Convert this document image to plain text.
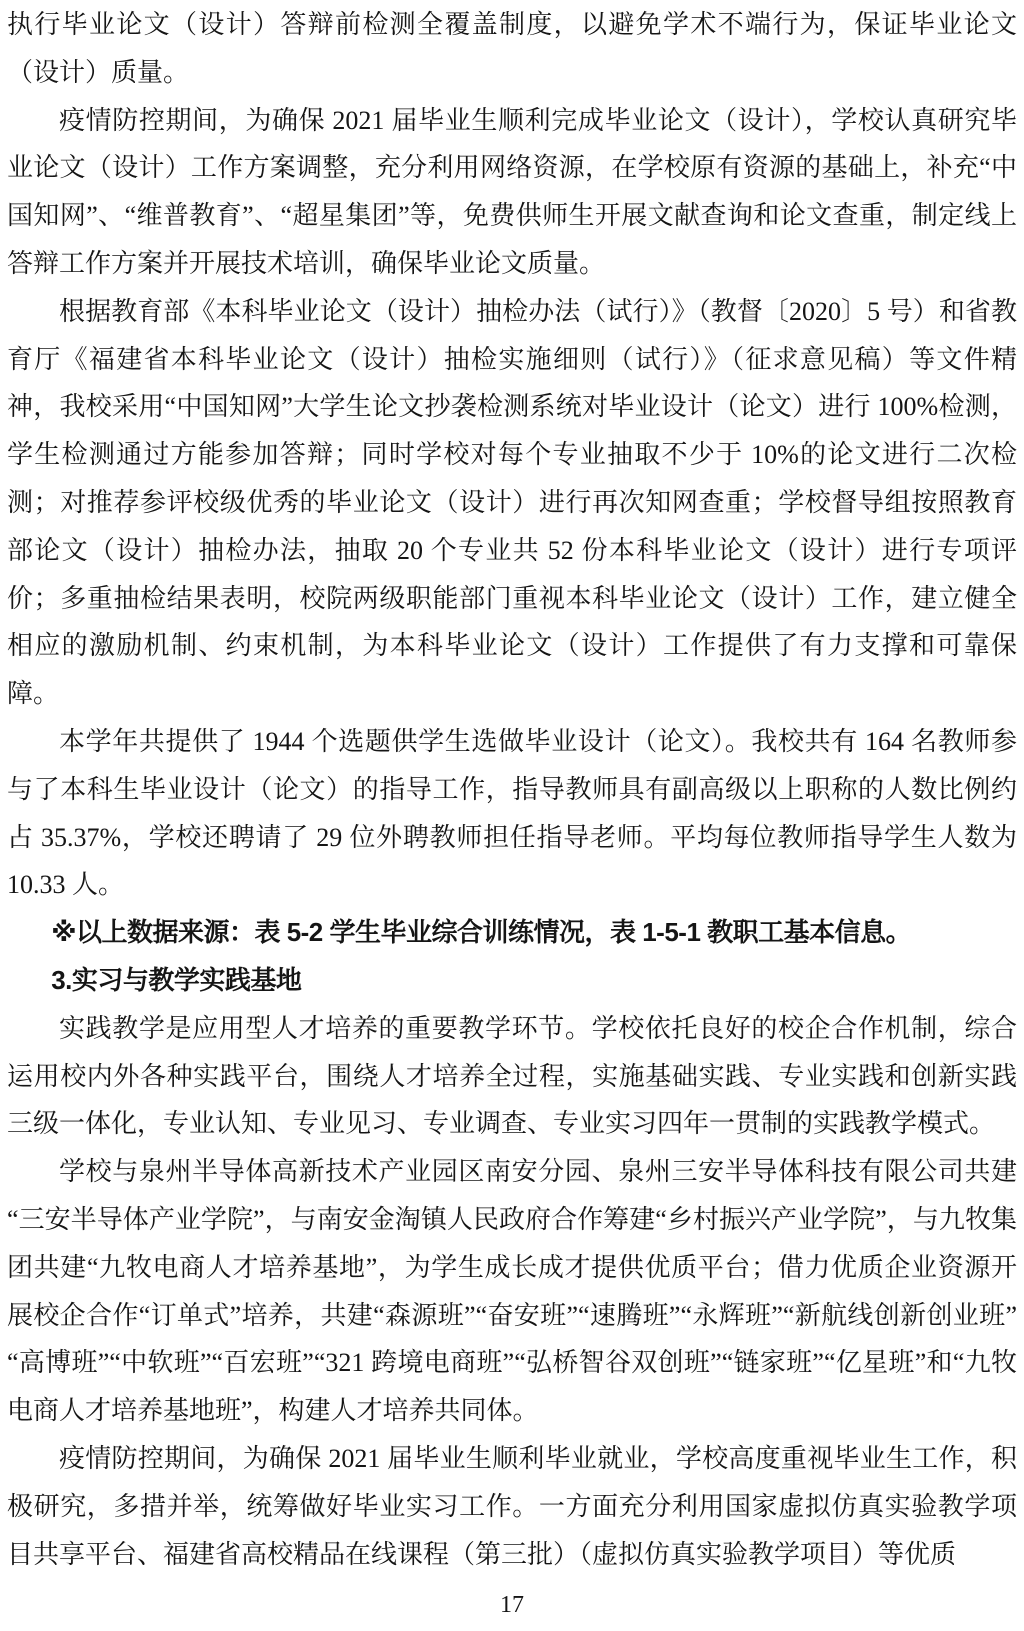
执行毕业论文（设计）答辩前检测全覆盖制度，以避免学术不端行为，保证毕业论文（设计）质量。

疫情防控期间，为确保 2021 届毕业生顺利完成毕业论文（设计），学校认真研究毕业论文（设计）工作方案调整，充分利用网络资源，在学校原有资源的基础上，补充“中国知网”、“维普教育”、“超星集团”等，免费供师生开展文献查询和论文查重，制定线上答辩工作方案并开展技术培训，确保毕业论文质量。

根据教育部《本科毕业论文（设计）抽检办法（试行）》（教督〔2020〕5 号）和省教育厅《福建省本科毕业论文（设计）抽检实施细则（试行）》（征求意见稿）等文件精神，我校采用“中国知网”大学生论文抄袭检测系统对毕业设计（论文）进行 100%检测，学生检测通过方能参加答辩；同时学校对每个专业抽取不少于 10%的论文进行二次检测；对推荐参评校级优秀的毕业论文（设计）进行再次知网查重；学校督导组按照教育部论文（设计）抽检办法，抽取 20 个专业共 52 份本科毕业论文（设计）进行专项评价；多重抽检结果表明，校院两级职能部门重视本科毕业论文（设计）工作，建立健全相应的激励机制、约束机制，为本科毕业论文（设计）工作提供了有力支撑和可靠保障。

本学年共提供了 1944 个选题供学生选做毕业设计（论文）。我校共有 164 名教师参与了本科生毕业设计（论文）的指导工作，指导教师具有副高级以上职称的人数比例约占 35.37%，学校还聘请了 29 位外聘教师担任指导老师。平均每位教师指导学生人数为 10.33 人。

※以上数据来源：表 5-2 学生毕业综合训练情况，表 1-5-1 教职工基本信息。

3.实习与教学实践基地

实践教学是应用型人才培养的重要教学环节。学校依托良好的校企合作机制，综合运用校内外各种实践平台，围绕人才培养全过程，实施基础实践、专业实践和创新实践三级一体化，专业认知、专业见习、专业调查、专业实习四年一贯制的实践教学模式。

学校与泉州半导体高新技术产业园区南安分园、泉州三安半导体科技有限公司共建“三安半导体产业学院”，与南安金淘镇人民政府合作筹建“乡村振兴产业学院”，与九牧集团共建“九牧电商人才培养基地”，为学生成长成才提供优质平台；借力优质企业资源开展校企合作“订单式”培养，共建“森源班”“奋安班”“速腾班”“永辉班”“新航线创新创业班”“高博班”“中软班”“百宏班”“321 跨境电商班”“弘桥智谷双创班”“链家班”“亿星班”和“九牧电商人才培养基地班”，构建人才培养共同体。

疫情防控期间，为确保 2021 届毕业生顺利毕业就业，学校高度重视毕业生工作，积极研究，多措并举，统筹做好毕业实习工作。一方面充分利用国家虚拟仿真实验教学项目共享平台、福建省高校精品在线课程（第三批）（虚拟仿真实验教学项目）等优质

17
